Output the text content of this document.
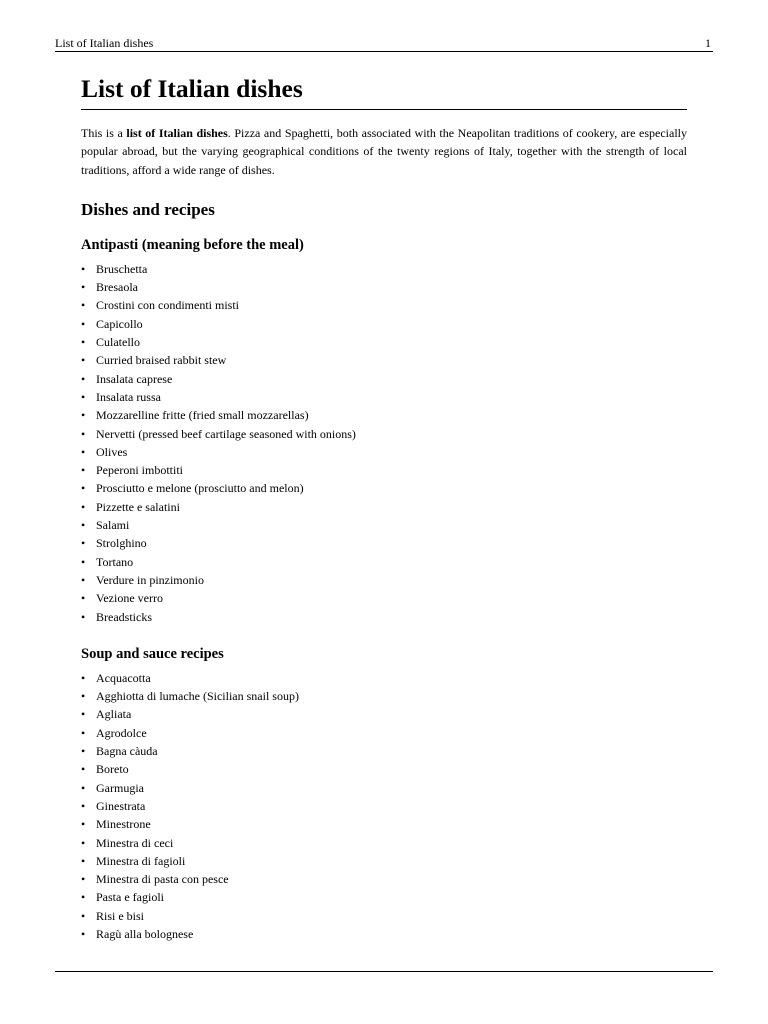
List of Italian dishes	1
List of Italian dishes

This is a list of Italian dishes. Pizza and Spaghetti, both associated with the Neapolitan traditions of cookery, are especially popular abroad, but the varying geographical conditions of the twenty regions of Italy, together with the strength of local traditions, afford a wide range of dishes.

Dishes and recipes
Antipasti (meaning before the meal)
• Bruschetta
• Bresaola
• Crostini con condimenti misti
• Capicollo
• Culatello
• Curried braised rabbit stew
• Insalata caprese
• Insalata russa
• Mozzarelline fritte (fried small mozzarellas)
• Nervetti (pressed beef cartilage seasoned with onions)
• Olives
• Peperoni imbottiti
• Prosciutto e melone (prosciutto and melon)
• Pizzette e salatini
• Salami
• Strolghino
• Tortano
• Verdure in pinzimonio
• Vezione verro
• Breadsticks
Soup and sauce recipes
• Acquacotta
• Agghiotta di lumache (Sicilian snail soup)
• Agliata
• Agrodolce
• Bagna càuda
• Boreto
• Garmugia
• Ginestrata
• Minestrone
• Minestra di ceci
• Minestra di fagioli
• Minestra di pasta con pesce
• Pasta e fagioli
• Risi e bisi
• Ragù alla bolognese
